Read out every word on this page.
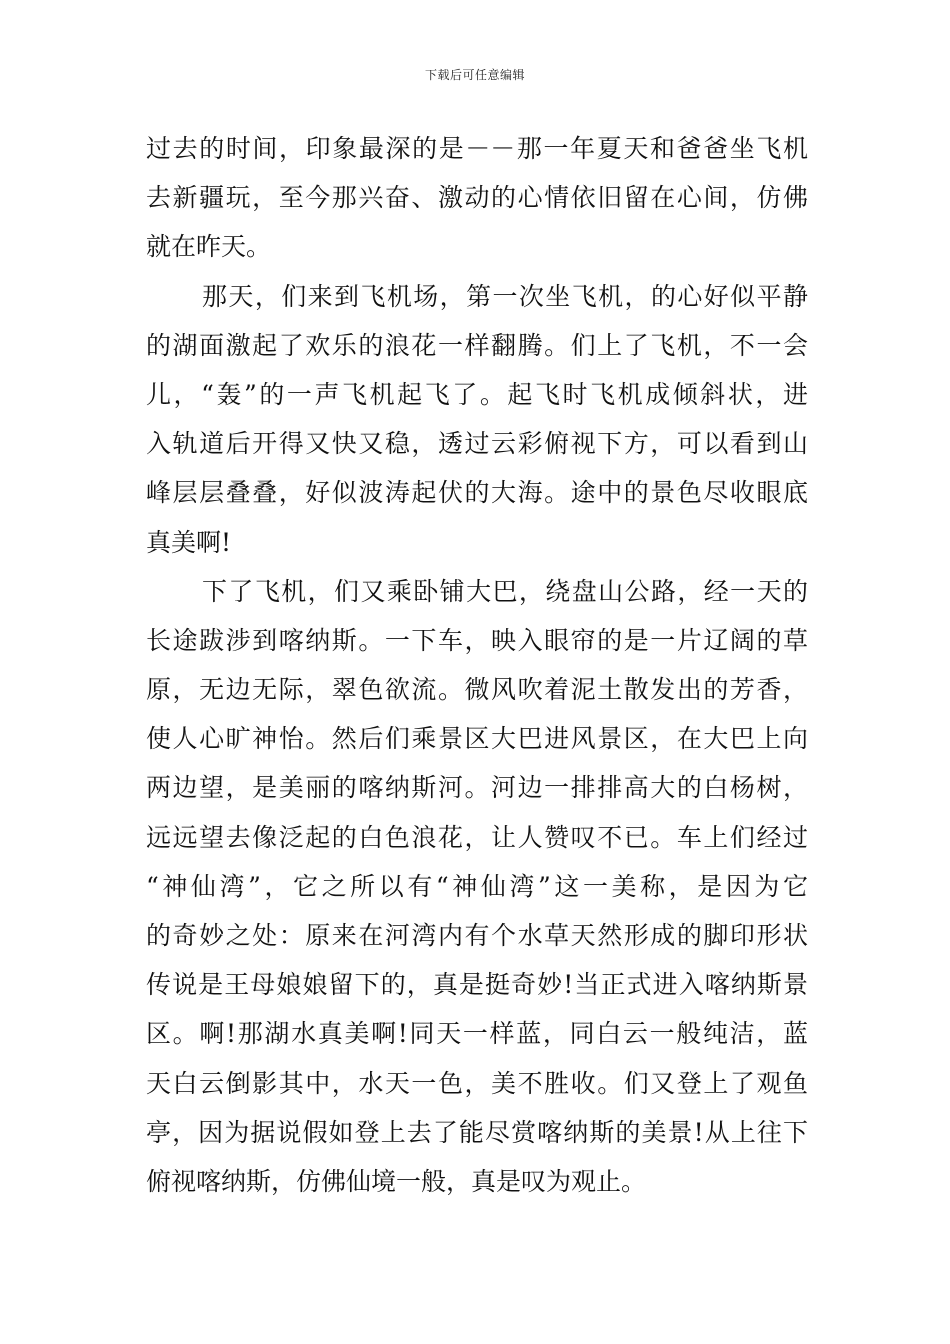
下载后可任意编辑
过去的时间，印象最深的是－－那一年夏天和爸爸坐飞机
去新疆玩，至今那兴奋、激动的心情依旧留在心间，仿佛
就在昨天。
那天，们来到飞机场，第一次坐飞机，的心好似平静
的湖面激起了欢乐的浪花一样翻腾。们上了飞机，不一会
儿，“轰”的一声飞机起飞了。起飞时飞机成倾斜状，进
入轨道后开得又快又稳，透过云彩俯视下方，可以看到山
峰层层叠叠，好似波涛起伏的大海。途中的景色尽收眼底
真美啊!
下了飞机，们又乘卧铺大巴，绕盘山公路，经一天的
长途跋涉到喀纳斯。一下车，映入眼帘的是一片辽阔的草
原，无边无际，翠色欲流。微风吹着泥土散发出的芳香，
使人心旷神怡。然后们乘景区大巴进风景区，在大巴上向
两边望，是美丽的喀纳斯河。河边一排排高大的白杨树，
远远望去像泛起的白色浪花，让人赞叹不已。车上们经过
“神仙湾”，它之所以有“神仙湾”这一美称，是因为它
的奇妙之处：原来在河湾内有个水草天然形成的脚印形状
传说是王母娘娘留下的，真是挺奇妙!当正式进入喀纳斯景
区。啊!那湖水真美啊!同天一样蓝，同白云一般纯洁，蓝
天白云倒影其中，水天一色，美不胜收。们又登上了观鱼
亭，因为据说假如登上去了能尽赏喀纳斯的美景!从上往下
俯视喀纳斯，仿佛仙境一般，真是叹为观止。
